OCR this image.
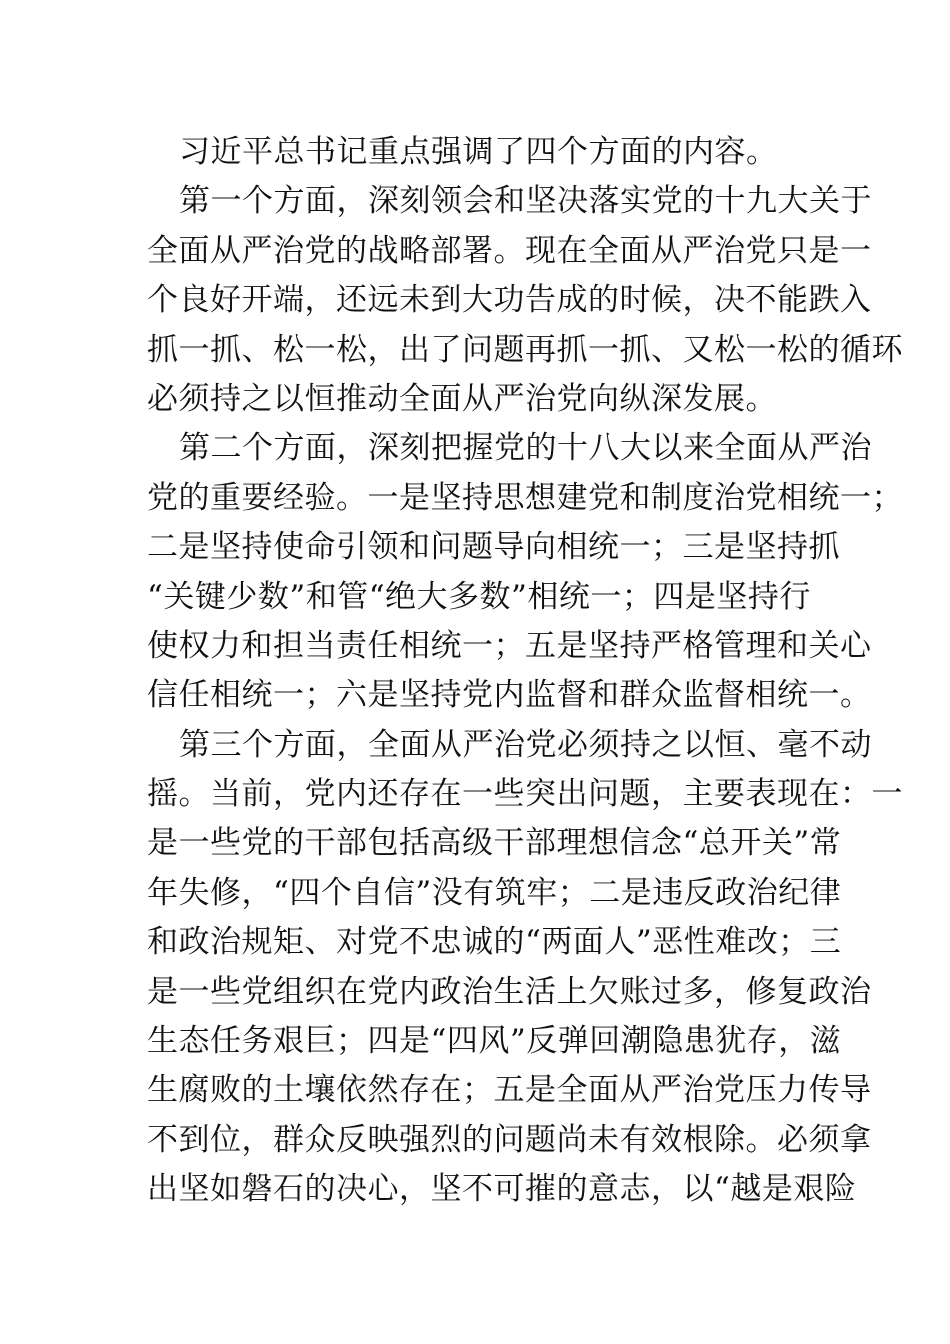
习近平总书记重点强调了四个方面的内容。
第一个方面，深刻领会和坚决落实党的十九大关于
全面从严治党的战略部署。现在全面从严治党只是一
个良好开端，还远未到大功告成的时候，决不能跌入
抓一抓、松一松，出了问题再抓一抓、又松一松的循环
必须持之以恒推动全面从严治党向纵深发展。
第二个方面，深刻把握党的十八大以来全面从严治
党的重要经验。一是坚持思想建党和制度治党相统一；
二是坚持使命引领和问题导向相统一；三是坚持抓
“关键少数”和管“绝大多数”相统一；四是坚持行
使权力和担当责任相统一；五是坚持严格管理和关心
信任相统一；六是坚持党内监督和群众监督相统一。
第三个方面，全面从严治党必须持之以恒、毫不动
摇。当前，党内还存在一些突出问题，主要表现在：一
是一些党的干部包括高级干部理想信念“总开关”常
年失修，“四个自信”没有筑牢；二是违反政治纪律
和政治规矩、对党不忠诚的“两面人”恶性难改；三
是一些党组织在党内政治生活上欠账过多，修复政治
生态任务艰巨；四是“四风”反弹回潮隐患犹存，滋
生腐败的土壤依然存在；五是全面从严治党压力传导
不到位，群众反映强烈的问题尚未有效根除。必须拿
出坚如磐石的决心，坚不可摧的意志，以“越是艰险
